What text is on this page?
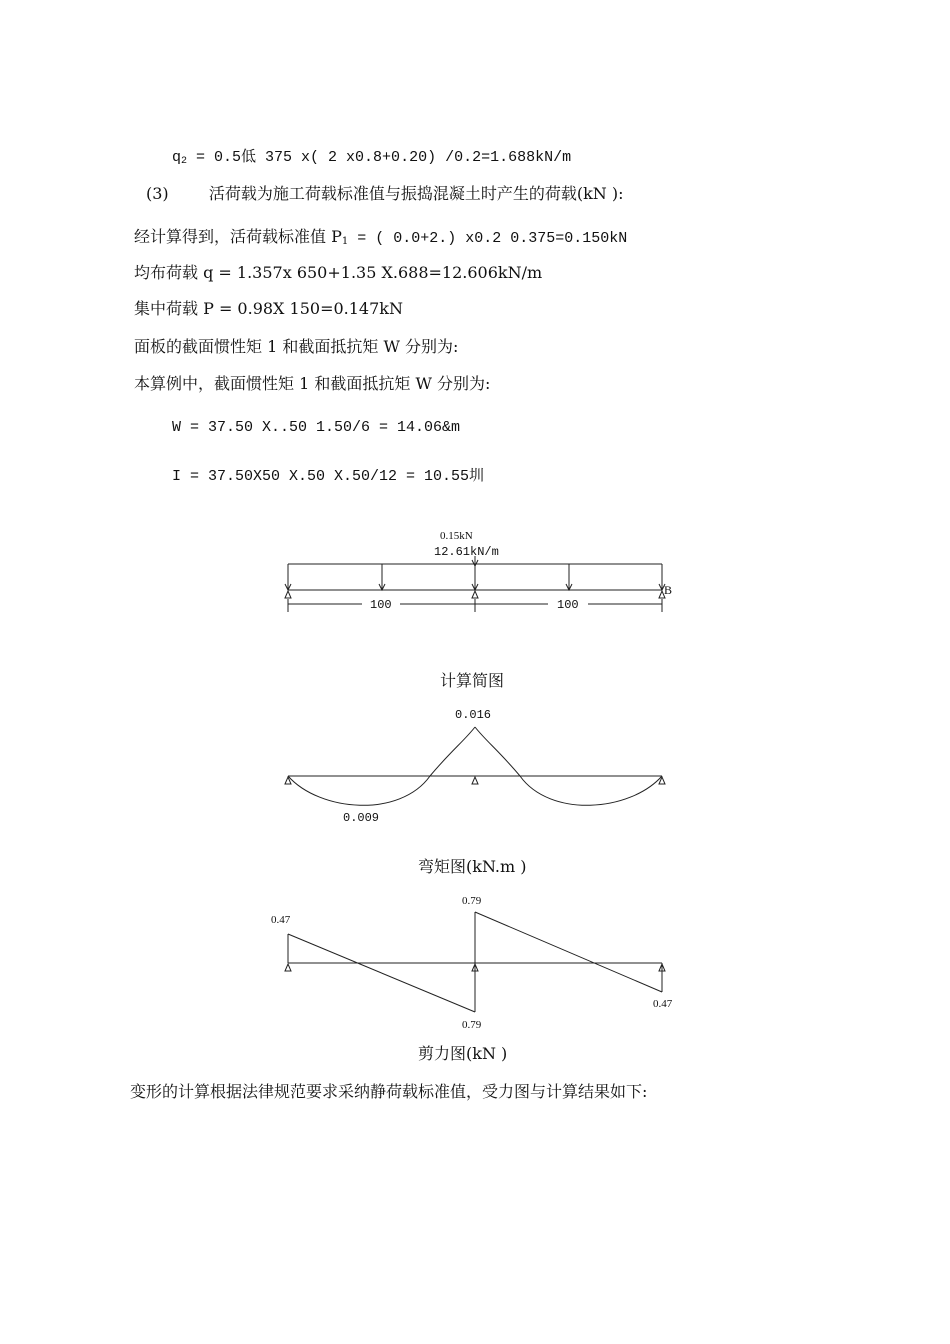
$q_2 = 0.5$低 375 x( 2 x0.8+0.20) /0.2=1.688kN/m
(3)	活荷载为施工荷载标准值与振捣混凝土时产生的荷载(kN ):
经计算得到，活荷载标准值 $P_1$ = ( 0.0+2.) x0.2 0.375=0.150kN
均布荷载 q = 1.357x 650+1.35 X.688=12.606kN/m
集中荷载 P = 0.98X 150=0.147kN
面板的截面惯性矩 1 和截面抵抗矩 W 分别为:
本算例中，截面惯性矩 1 和截面抵抗矩 W 分别为:
W = 37.50 X..50 1.50/6 = 14.06&m
I = 37.50X50 X.50 X.50/12 = 10.55圳
0.15kN
12.61kN/m
100	100
B
计算简图
0.016
0.009
弯矩图(kN.m )
0.47
0.79
0.79
0.47
剪力图(kN )
变形的计算根据法律规范要求采纳静荷载标准值，受力图与计算结果如下:
